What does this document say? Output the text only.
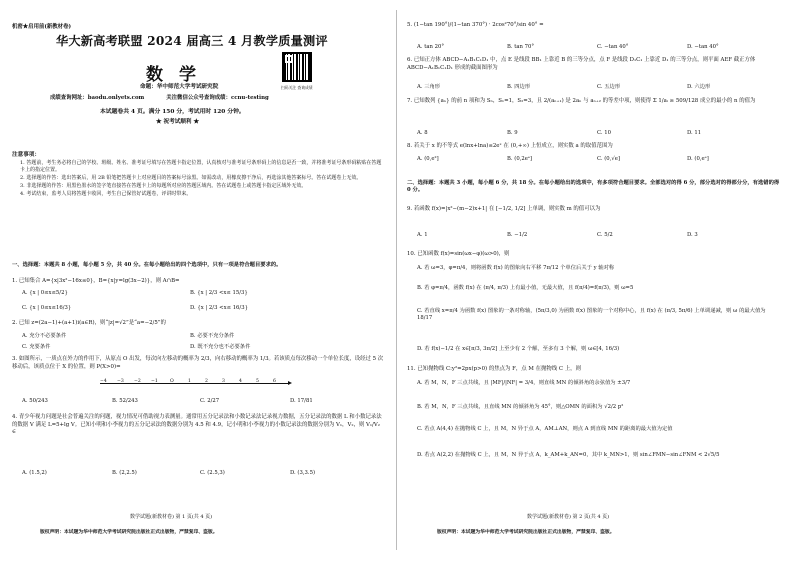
机密★启用前(新教材卷)
华大新高考联盟 2024 届高三 4 月教学质量测评
数学
扫码关注 查询成绩
命题：华中师范大学考试研究院
成绩查询网址：baodu.onlyets.com	关注微信公众号查询成绩：ccnu-testing
本试题卷共 4 页。满分 150 分，考试用时 120 分钟。
★ 祝考试顺利 ★
注意事项：

1. 答题前，考生务必将自己的学校、班级、姓名、准考证号填写在答题卡指定位置，认真核对与准考证号条形码上的信息是否一致，并将准考证号条形码粘贴在答题卡上的指定位置。

2. 选择题的作答：选出答案后，用 2B 铅笔把答题卡上对应题目的答案标号涂黑。如需改动，用橡皮擦干净后，再选涂其他答案标号。答在试题卷上无效。

3. 非选择题的作答：用黑色墨水的签字笔直接答在答题卡上的每题所对应的答题区域内。答在试题卷上或答题卡指定区域外无效。

4. 考试结束，监考人员将答题卡收回，考生自己保管好试题卷，评讲时带来。

一、选择题：本题共 8 小题，每小题 5 分，共 40 分。在每小题给出的四个选项中，只有一项是符合题目要求的。
1. 已知集合 A={x|3x²−16x≤0}，B={x|y=lg(3x−2)}，则 A∩B=
A. {x | 0≤x≤5/2}	B. {x | 2/3 <x≤ 15/3}
C. {x | 0≤x≤16/3}	D. {x | 2/3 <x≤ 16/3}
2. 已知 z=(2a−1)+(a+1)i(a∈R)，则“|z|=√2”是“a=−2/5”的
A. 充分不必要条件	B. 必要不充分条件
C. 充要条件	D. 既不充分也不必要条件
3. 如图所示，一质点在外力的作用下，从原点 O 出发，每次向左移动的概率为 2/3，向右移动的概率为 1/3。若该质点每次移动一个单位长度，设经过 5 次移动后，该质点位于 X 的位置，则 P(X>0)=
−4 −3 −2 −1	O	1	2	3	4	5	6
A. 50/243	B. 52/243	C. 2/27	D. 17/81
4. 青少年视力问题是社会普遍关注的问题，视力情况可借助视力表测量。通常用五分记录法和小数记录法记录视力数据，五分记录法的数据 L 和小数记录法的数据 V 满足 L=5+lg V。已知小明和小李视力的五分记录法的数据分别为 4.5 和 4.9，记小明和小李视力的小数记录法的数据分别为 V₁，V₂，则 V₁/V₂ ∈
A. (1.5,2)	B. (2,2.5)	C. (2.5,3)	D. (3,3.5)
数学试题(新教材卷) 第 1 页(共 4 页)
版权声明：本试题为华中师范大学考试研究院出版社正式出版物，严禁复印、盗版。
5. (1−tan 190°)/(1−tan 370°) · 2cos²70°/sin 40° =
A. tan 20°	B. tan 70°	C. −tan 40°	D. −tan 40°
6. 已知正方体 ABCD−A₁B₁C₁D₁ 中，点 E 是线段 BB₁ 上靠近 B 的三等分点，点 F 是线段 D₁C₁ 上靠近 D₁ 的三等分点，则平面 AEF 截正方体 ABCD−A₁B₁C₁D₁ 形成的截面图形为
A. 三角形	B. 四边形	C. 五边形	D. 六边形
7. 已知数列 {aₙ} 的前 n 项和为 Sₙ，S₁=1，S₂=3，且 2/(aₙ₊₁) 是 2aₙ 与 aₙ₊₂ 的等差中项，则使得 Σ 1/aᵢ ≥ 509/128 成立的最小的 n 的值为
A. 8	B. 9	C. 10	D. 11
8. 若关于 x 的不等式 e(lnx+lna)≤2eˣ 在 (0,+∞) 上恒成立，则实数 a 的取值范围为
A. (0,e²]	B. (0,2eᵉ]	C. (0,√e]	D. (0,eᵉ]
二、选择题：本题共 3 小题，每小题 6 分，共 18 分。在每小题给出的选项中，有多项符合题目要求。全部选对的得 6 分，部分选对的得部分分，有选错的得 0 分。
9. 若函数 f(x)=|x²−(m−2)x+1| 在 [−1/2, 1/2] 上单调，则实数 m 的值可以为
A. 1	B. −1/2	C. 5/2	D. 3
10. 已知函数 f(x)=sin(ωx−φ)(ω>0)，则
A. 若 ω=3，φ=π/4，则将函数 f(x) 的图象向右平移 7π/12 个单位后关于 y 轴对称
B. 若 φ=π/4，函数 f(x) 在 (π/4, π/3) 上有最小值，无最大值，且 f(π/4)=f(π/3)，则 ω=5
C. 若直线 x=π/4 为函数 f(x) 图象的一条对称轴，(5π/3,0) 为函数 f(x) 图象的一个对称中心，且 f(x) 在 (π/3, 5π/6) 上单调递减，则 ω 的最大值为 18/17
D. 若 f(x)−1/2 在 x∈[π/3, 3π/2] 上至少有 2 个解，至多有 3 个解，则 ω∈[4, 16/3)
11. 已知抛物线 C:y²=2px(p>0) 的焦点为 F，点 M 在抛物线 C 上，则
A. 若 M，N，F 三点共线，且 |MF|/|NF| = 3/4，则直线 MN 的倾斜角的余弦值为 ±3/7
B. 若 M，N，F 三点共线，且直线 MN 的倾斜角为 45°，则△OMN 的面积为 √2/2 p²
C. 若点 A(4,4) 在抛物线 C 上，且 M，N 异于点 A，AM⊥AN，则点 A 到直线 MN 的距离的最大值为定值
D. 若点 A(2,2) 在抛物线 C 上，且 M，N 异于点 A，k_AM+k_AN=0，其中 k_MN>1，则 sin∠FMN−sin∠FNM < 2√5/5
数学试题(新教材卷) 第 2 页(共 4 页)
版权声明：本试题为华中师范大学考试研究院出版社正式出版物，严禁复印、盗版。
